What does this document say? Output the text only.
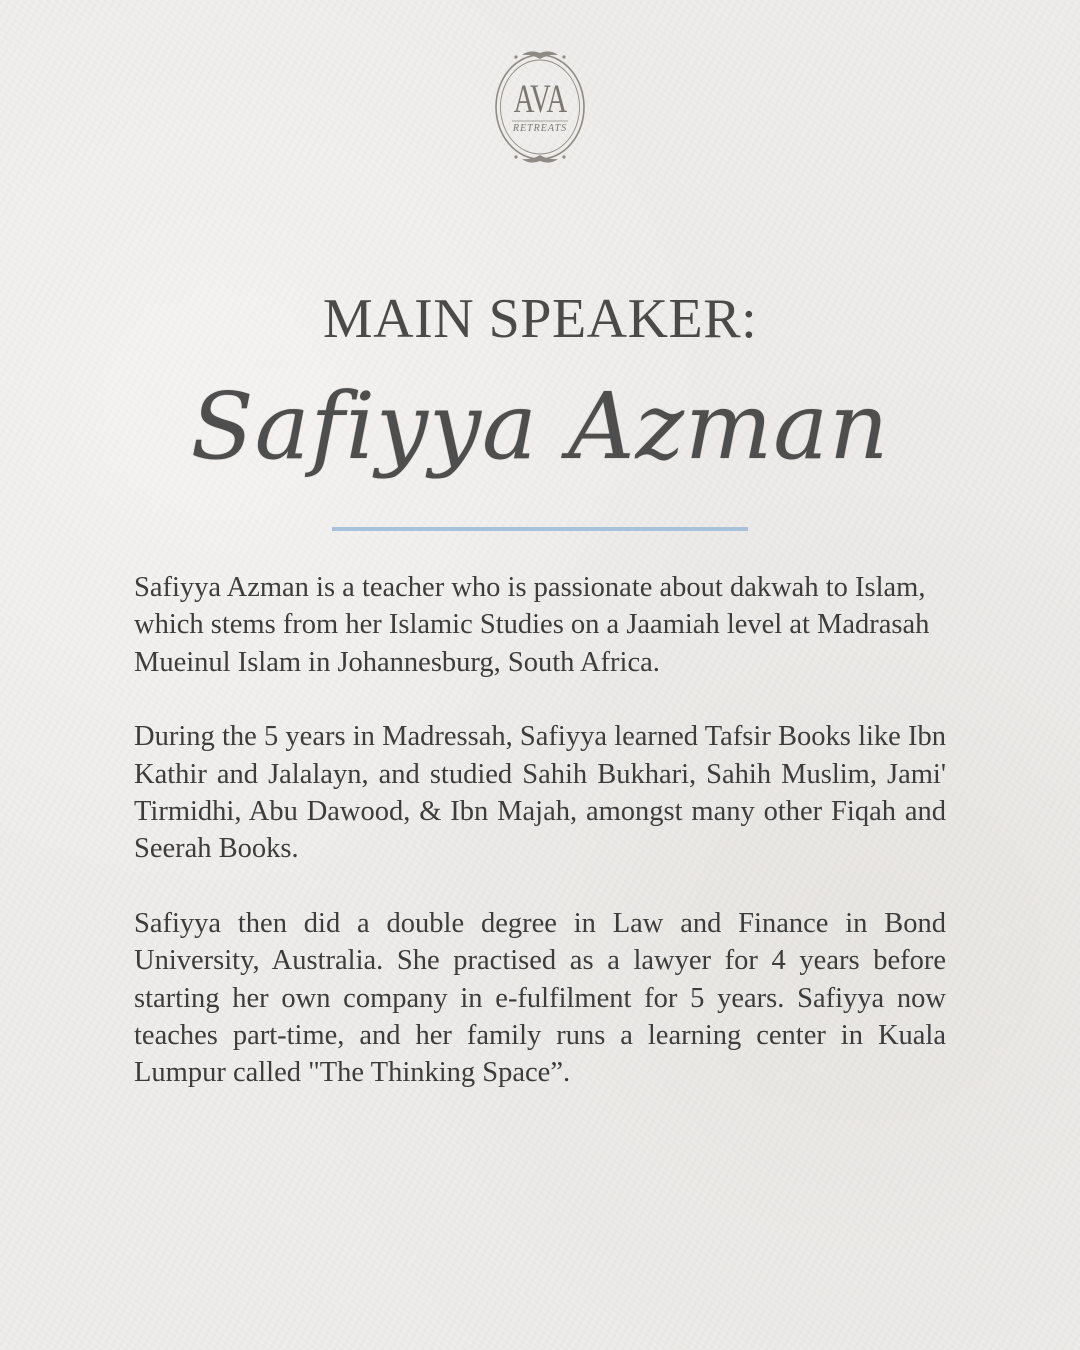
AVA
RETREATS
MAIN SPEAKER:
Safiyya Azman

Safiyya Azman is a teacher who is passionate about dakwah to Islam, which stems from her Islamic Studies on a Jaamiah level at Madrasah Mueinul Islam in Johannesburg, South Africa.

During the 5 years in Madressah, Safiyya learned Tafsir Books like Ibn Kathir and Jalalayn, and studied Sahih Bukhari, Sahih Muslim, Jami' Tirmidhi, Abu Dawood, & Ibn Majah, amongst many other Fiqah and Seerah Books.

Safiyya then did a double degree in Law and Finance in Bond University, Australia. She practised as a lawyer for 4 years before starting her own company in e-fulfilment for 5 years. Safiyya now teaches part-time, and her family runs a learning center in Kuala Lumpur called "The Thinking Space”.
